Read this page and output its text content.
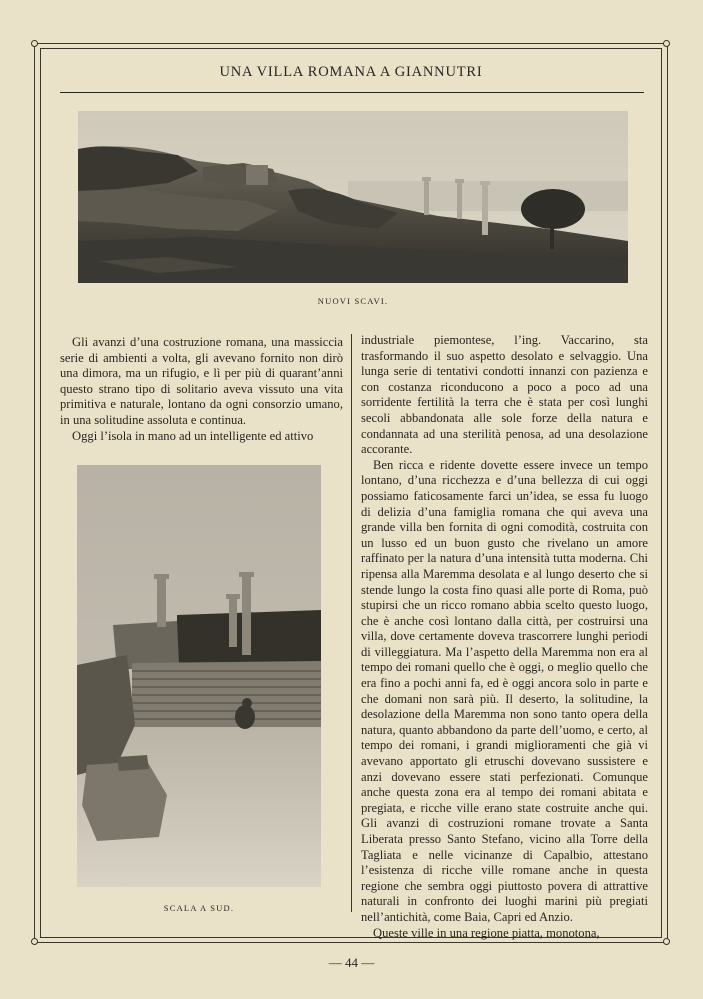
UNA VILLA ROMANA A GIANNUTRI
NUOVI SCAVI.

Gli avanzi d’una costruzione romana, una massiccia serie di ambienti a volta, gli avevano fornito non dirò una dimora, ma un rifugio, e lì per più di quarant’anni questo strano tipo di solitario aveva vissuto una vita primitiva e naturale, lontano da ogni consorzio umano, in una solitudine assoluta e continua.

Oggi l’isola in mano ad un intelligente ed attivo

SCALA A SUD.

industriale piemontese, l’ing. Vaccarino, sta trasformando il suo aspetto desolato e selvaggio. Una lunga serie di tentativi condotti innanzi con pazienza e con costanza riconducono a poco a poco ad una sorridente fertilità la terra che è stata per così lunghi secoli abbandonata alle sole forze della natura e condannata ad una sterilità penosa, ad una desolazione accorante.

Ben ricca e ridente dovette essere invece un tempo lontano, d’una ricchezza e d’una bellezza di cui oggi possiamo faticosamente farci un’idea, se essa fu luogo di delizia d’una famiglia romana che qui aveva una grande villa ben fornita di ogni comodità, costruita con un lusso ed un buon gusto che rivelano un amore raffinato per la natura d’una intensità tutta moderna. Chi ripensa alla Maremma desolata e al lungo deserto che si stende lungo la costa fino quasi alle porte di Roma, può stupirsi che un ricco romano abbia scelto questo luogo, che è anche così lontano dalla città, per costruirsi una villa, dove certamente doveva trascorrere lunghi periodi di villeggiatura. Ma l’aspetto della Maremma non era al tempo dei romani quello che è oggi, o meglio quello che era fino a pochi anni fa, ed è oggi ancora solo in parte e che domani non sarà più. Il deserto, la solitudine, la desolazione della Maremma non sono tanto opera della natura, quanto abbandono da parte dell’uomo, e certo, al tempo dei romani, i grandi miglioramenti che già vi avevano apportato gli etruschi dovevano sussistere e anzi dovevano essere stati perfezionati. Comunque anche questa zona era al tempo dei romani abitata e pregiata, e ricche ville erano state costruite anche qui. Gli avanzi di costruzioni romane trovate a Santa Liberata presso Santo Stefano, vicino alla Torre della Tagliata e nelle vicinanze di Capalbio, attestano l’esistenza di ricche ville romane anche in questa regione che sembra oggi piuttosto povera di attrattive naturali in confronto dei luoghi marini più pregiati nell’antichità, come Baia, Capri ed Anzio.

Queste ville in una regione piatta, monotona,

— 44 —
